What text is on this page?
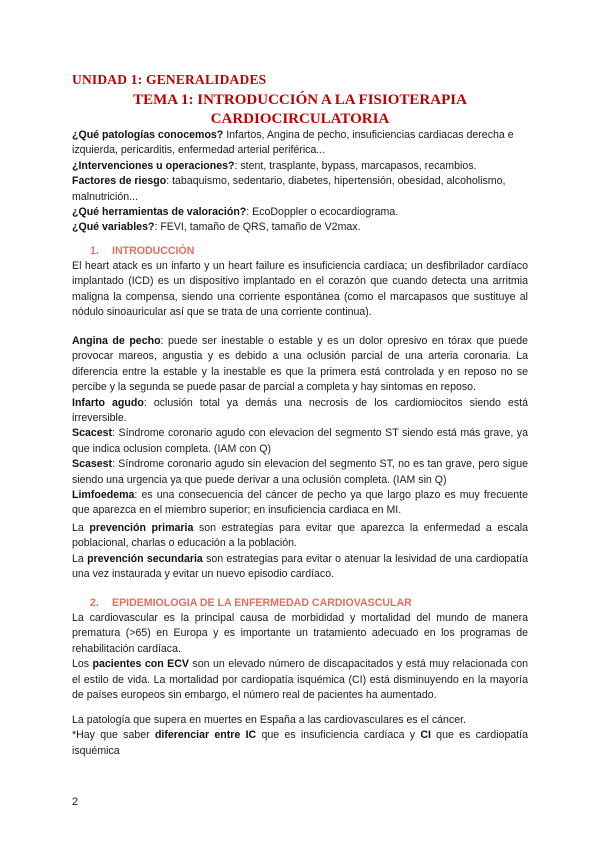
UNIDAD 1: GENERALIDADES
TEMA 1: INTRODUCCIÓN A LA FISIOTERAPIA
CARDIOCIRCULATORIA
¿Qué patologías conocemos? Infartos, Angina de pecho, insuficiencias cardiacas derecha e izquierda, pericarditis, enfermedad arterial periférica...
¿Intervenciones u operaciones?: stent, trasplante, bypass, marcapasos, recambios.
Factores de riesgo: tabaquismo, sedentario, diabetes, hipertensión, obesidad, alcoholismo, malnutrición...
¿Qué herramientas de valoración?: EcoDoppler o ecocardiograma.
¿Qué variables?: FEVI, tamaño de QRS, tamaño de V2max.
1. INTRODUCCIÓN
El heart atack es un infarto y un heart failure es insuficiencia cardíaca; un desfibrilador cardíaco implantado (ICD) es un dispositivo implantado en el corazón que cuando detecta una arritmia maligna la compensa, siendo una corriente espontánea (como el marcapasos que sustituye al nódulo sinoauricular así que se trata de una corriente continua).
Angina de pecho: puede ser inestable o estable y es un dolor opresivo en tórax que puede provocar mareos, angustia y es debido a una oclusión parcial de una arteria coronaria. La diferencia entre la estable y la inestable es que la primera está controlada y en reposo no se percibe y la segunda se puede pasar de parcial a completa y hay sintomas en reposo.
Infarto agudo: oclusión total ya demás una necrosis de los cardiomiocitos siendo está irreversible.
Scacest: Síndrome coronario agudo con elevacion del segmento ST siendo está más grave, ya que indica oclusion completa. (IAM con Q)
Scasest: Síndrome coronario agudo sin elevacion del segmento ST, no es tan grave, pero sigue siendo una urgencia ya que puede derivar a una oclusión completa. (IAM sin Q)
Limfoedema: es una consecuencia del cáncer de pecho ya que largo plazo es muy frecuente que aparezca en el miembro superior; en insuficiencia cardiaca en MI.
La prevención primaria son estrategias para evitar que aparezca la enfermedad a escala poblacional, charlas o educación a la población.
La prevención secundaria son estrategias para evitar o atenuar la lesividad de una cardiopatía una vez instaurada y evitar un nuevo episodio cardíaco.
2. EPIDEMIOLOGIA DE LA ENFERMEDAD CARDIOVASCULAR
La cardiovascular es la principal causa de morbididad y mortalidad del mundo de manera prematura (>65) en Europa y es importante un tratamiento adecuado en los programas de rehabilitación cardíaca.
Los pacientes con ECV son un elevado número de discapacitados y está muy relacionada con el estilo de vida. La mortalidad por cardiopatía isquémica (CI) está disminuyendo en la mayoría de países europeos sin embargo, el número real de pacientes ha aumentado.
La patología que supera en muertes en España a las cardiovasculares es el cáncer.
*Hay que saber diferenciar entre IC que es insuficiencia cardíaca y CI que es cardiopatía isquémica
2
